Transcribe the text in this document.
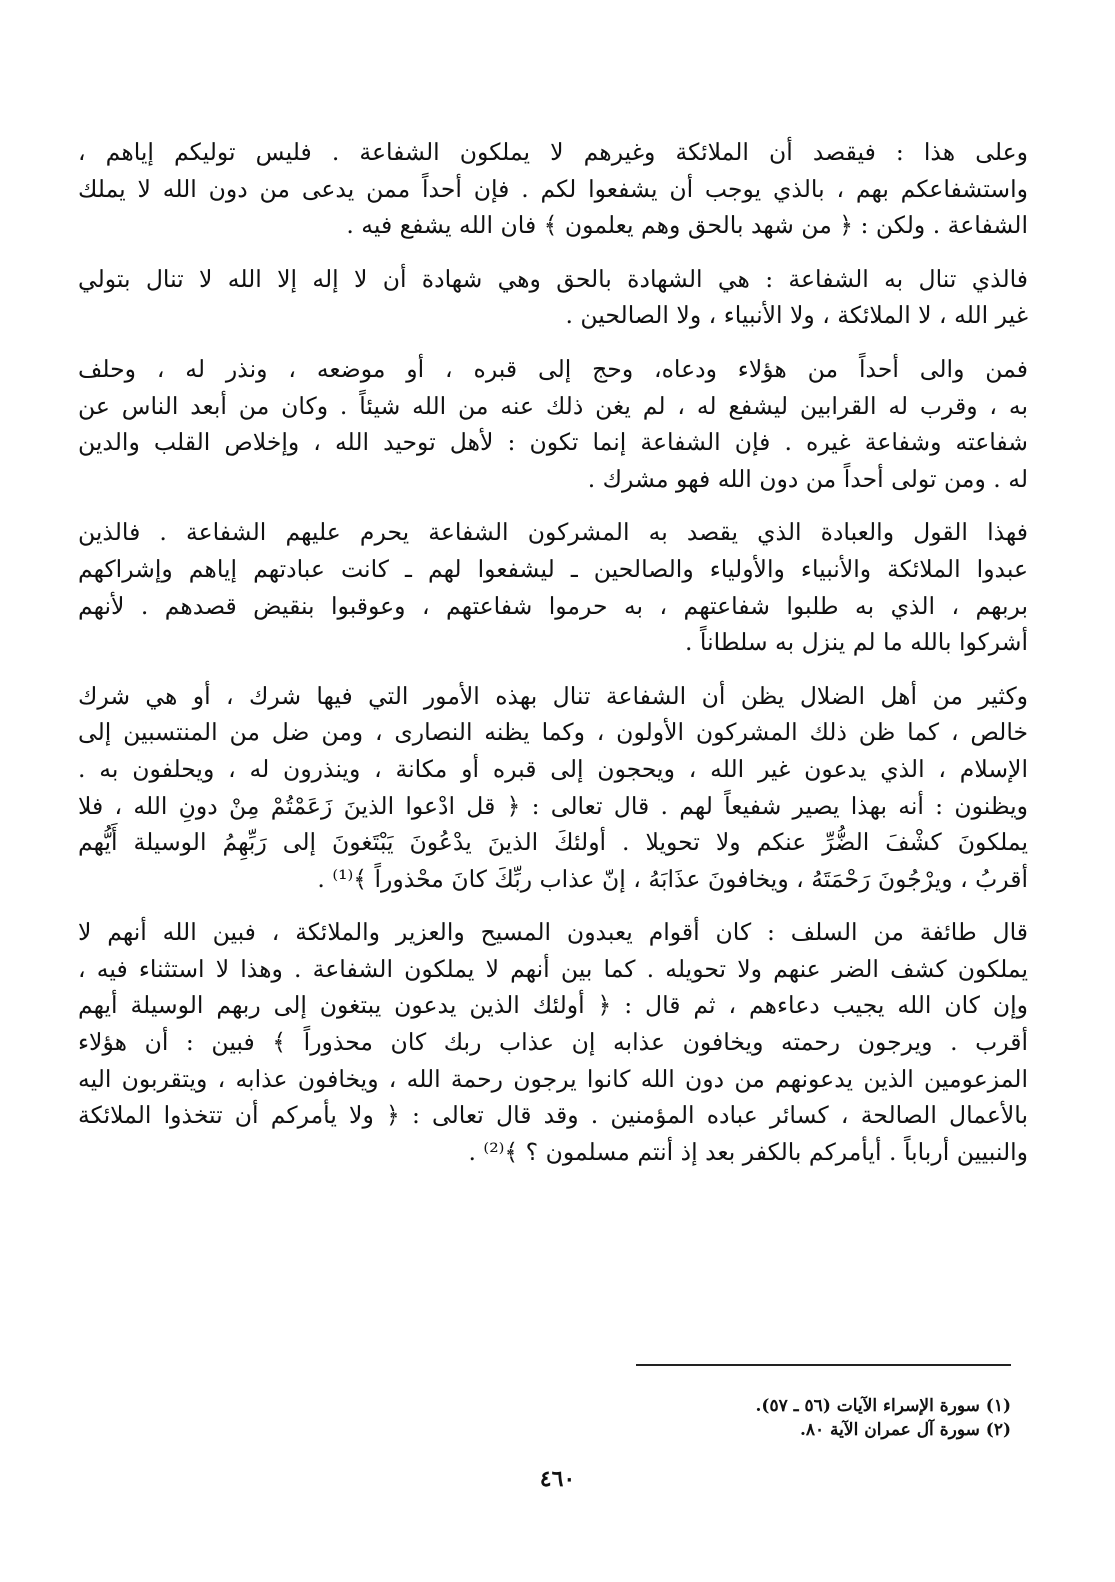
وعلى هذا : فيقصد أن الملائكة وغيرهم لا يملكون الشفاعة . فليس توليكم إياهم ،
واستشفاعكم بهم ، بالذي يوجب أن يشفعوا لكم . فإن أحداً ممن يدعى من دون الله لا يملك
الشفاعة . ولكن : ﴿ من شهد بالحق وهم يعلمون ﴾ فان الله يشفع فيه .

فالذي تنال به الشفاعة : هي الشهادة بالحق وهي شهادة أن لا إله إلا الله لا تنال بتولي
غير الله ، لا الملائكة ، ولا الأنبياء ، ولا الصالحين .

فمن والى أحداً من هؤلاء ودعاه، وحج إلى قبره ، أو موضعه ، ونذر له ، وحلف
به ، وقرب له القرابين ليشفع له ، لم يغن ذلك عنه من الله شيئاً . وكان من أبعد الناس عن
شفاعته وشفاعة غيره . فإن الشفاعة إنما تكون : لأهل توحيد الله ، وإخلاص القلب والدين
له . ومن تولى أحداً من دون الله فهو مشرك .

فهذا القول والعبادة الذي يقصد به المشركون الشفاعة يحرم عليهم الشفاعة . فالذين
عبدوا الملائكة والأنبياء والأولياء والصالحين ـ ليشفعوا لهم ـ كانت عبادتهم إياهم وإشراكهم
بربهم ، الذي به طلبوا شفاعتهم ، به حرموا شفاعتهم ، وعوقبوا بنقيض قصدهم . لأنهم
أشركوا بالله ما لم ينزل به سلطاناً .

وكثير من أهل الضلال يظن أن الشفاعة تنال بهذه الأمور التي فيها شرك ، أو هي شرك
خالص ، كما ظن ذلك المشركون الأولون ، وكما يظنه النصارى ، ومن ضل من المنتسبين إلى
الإسلام ، الذي يدعون غير الله ، ويحجون إلى قبره أو مكانة ، وينذرون له ، ويحلفون به .
ويظنون : أنه بهذا يصير شفيعاً لهم . قال تعالى : ﴿ قل ادْعوا الذينَ زَعَمْتُمْ مِنْ دونِ الله ، فلا
يملكونَ كشْفَ الضُّرِّ عنكم ولا تحويلا . أولئكَ الذينَ يدْعُونَ يَبْتَغونَ إلى رَبِّهِمُ الوسيلة أَيُّهم
أقربُ ، ويرْجُونَ رَحْمَتَهُ ، ويخافونَ عذَابَهُ ، إنّ عذاب ربِّكَ كانَ محْذوراً ﴾⁽¹⁾ .

قال طائفة من السلف : كان أقوام يعبدون المسيح والعزير والملائكة ، فبين الله أنهم لا
يملكون كشف الضر عنهم ولا تحويله . كما بين أنهم لا يملكون الشفاعة . وهذا لا استثناء فيه ،
وإن كان الله يجيب دعاءهم ، ثم قال : ﴿ أولئك الذين يدعون يبتغون إلى ربهم الوسيلة أيهم
أقرب . ويرجون رحمته ويخافون عذابه إن عذاب ربك كان محذوراً ﴾ فبين : أن هؤلاء
المزعومين الذين يدعونهم من دون الله كانوا يرجون رحمة الله ، ويخافون عذابه ، ويتقربون اليه
بالأعمال الصالحة ، كسائر عباده المؤمنين . وقد قال تعالى : ﴿ ولا يأمركم أن تتخذوا الملائكة
والنبيين أرباباً . أيأمركم بالكفر بعد إذ أنتم مسلمون ؟ ﴾⁽²⁾ .

(١) سورة الإسراء الآيات (٥٦ ـ ٥٧).
(٢) سورة آل عمران الآية ٨٠.
٤٦٠
